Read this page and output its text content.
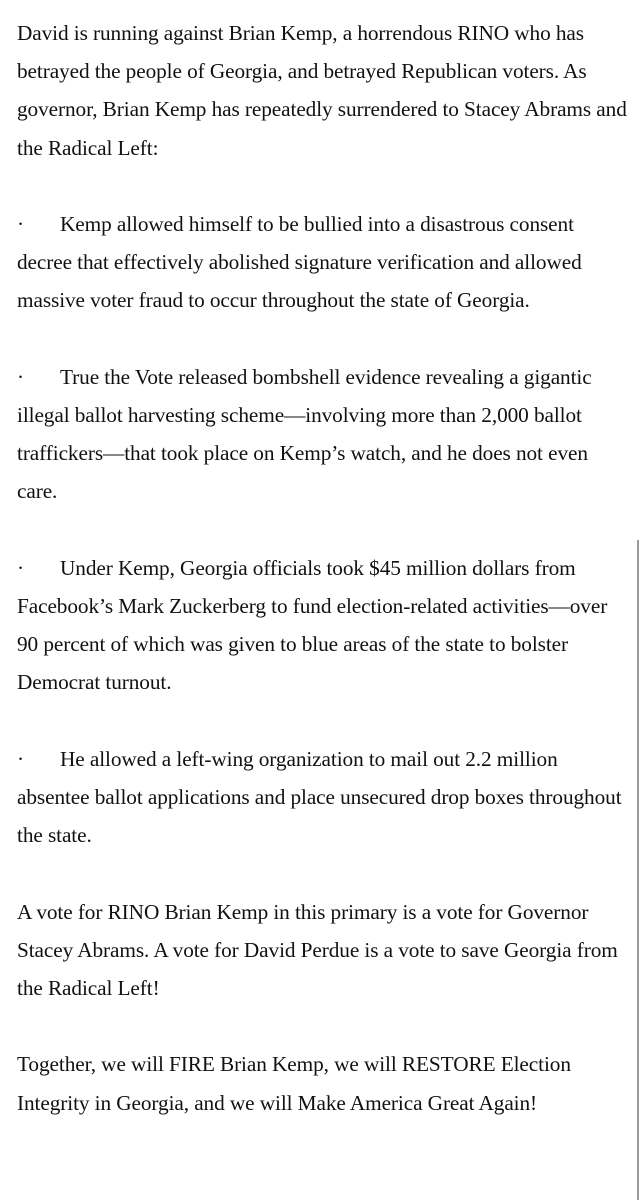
David is running against Brian Kemp, a horrendous RINO who has betrayed the people of Georgia, and betrayed Republican voters. As governor, Brian Kemp has repeatedly surrendered to Stacey Abrams and the Radical Left:

· Kemp allowed himself to be bullied into a disastrous consent decree that effectively abolished signature verification and allowed massive voter fraud to occur throughout the state of Georgia.

· True the Vote released bombshell evidence revealing a gigantic illegal ballot harvesting scheme—involving more than 2,000 ballot traffickers—that took place on Kemp’s watch, and he does not even care.

· Under Kemp, Georgia officials took $45 million dollars from Facebook’s Mark Zuckerberg to fund election-related activities—over 90 percent of which was given to blue areas of the state to bolster Democrat turnout.

· He allowed a left-wing organization to mail out 2.2 million absentee ballot applications and place unsecured drop boxes throughout the state.

A vote for RINO Brian Kemp in this primary is a vote for Governor Stacey Abrams. A vote for David Perdue is a vote to save Georgia from the Radical Left!

Together, we will FIRE Brian Kemp, we will RESTORE Election Integrity in Georgia, and we will Make America Great Again!
